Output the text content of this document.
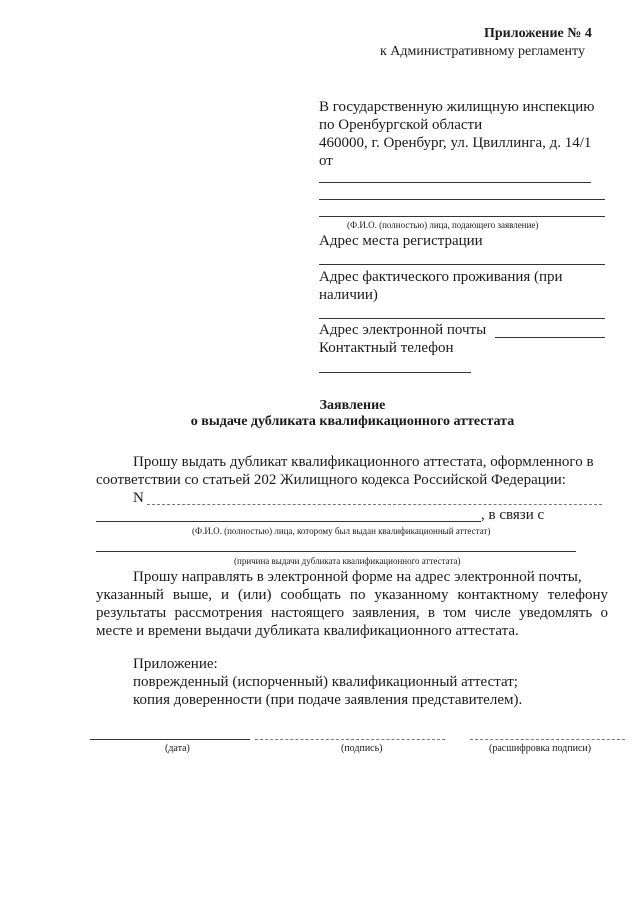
Приложение № 4
к Административному регламенту
В государственную жилищную инспекцию
по Оренбургской области
460000, г. Оренбург, ул. Цвиллинга, д. 14/1
от
(Ф.И.О. (полностью) лица, подающего заявление)
Адрес места регистрации
Адрес фактического проживания (при
наличии)
Адрес электронной почты
Контактный телефон
Заявление
о выдаче дубликата квалификационного аттестата
Прошу выдать дубликат квалификационного аттестата, оформленного в
соответствии со статьей 202 Жилищного кодекса Российской Федерации:
N
, в связи с
(Ф.И.О. (полностью) лица, которому был выдан квалификационный аттестат)
(причина выдачи дубликата квалификационного аттестата)
Прошу направлять в электронной форме на адрес электронной почты,
указанный выше, и (или) сообщать по указанному контактному телефону
результаты рассмотрения настоящего заявления, в том числе уведомлять о
месте и времени выдачи дубликата квалификационного аттестата.
Приложение:
поврежденный (испорченный) квалификационный аттестат;
копия доверенности (при подаче заявления представителем).
(дата)	(подпись)	(расшифровка подписи)
